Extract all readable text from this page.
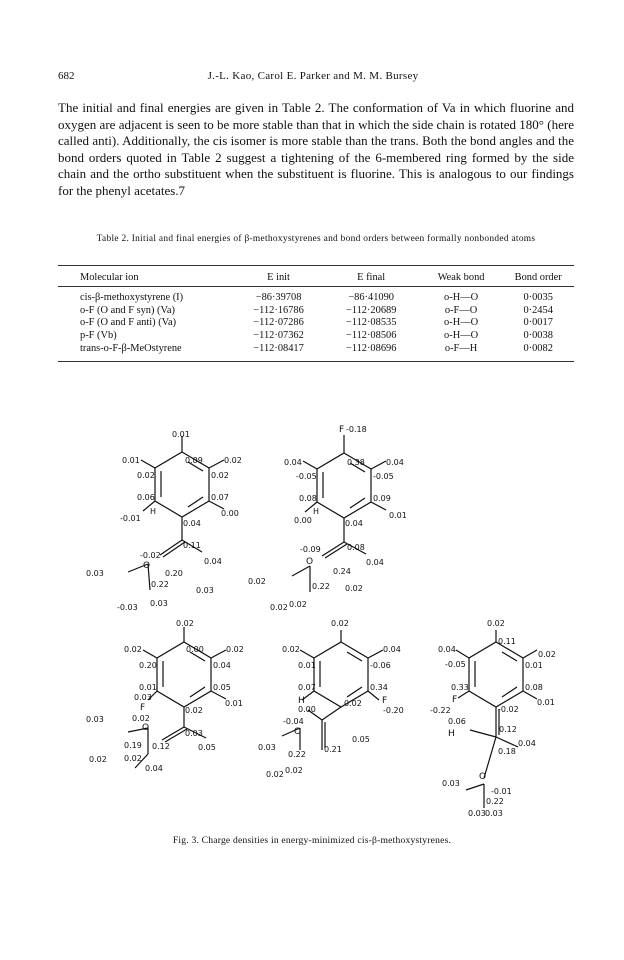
682	J.-L. Kao, Carol E. Parker and M. M. Bursey

The initial and final energies are given in Table 2. The conformation of Va in which fluorine and oxygen are adjacent is seen to be more stable than that in which the side chain is rotated 180° (here called anti). Additionally, the cis isomer is more stable than the trans. Both the bond angles and the bond orders quoted in Table 2 suggest a tightening of the 6-membered ring formed by the side chain and the ortho substituent when the substituent is fluorine. This is analogous to our findings for the phenyl acetates.7

Table 2. Initial and final energies of β-methoxystyrenes and bond orders between formally nonbonded atoms
Molecular ion	E init	E final	Weak bond	Bond order
cis-β-methoxystyrene (I)	−86·39708	−86·41090	o-H—O	0·0035
o-F (O and F syn) (Va)	−112·16786	−112·20689	o-F—O	0·2454
o-F (O and F anti) (Va)	−112·07286	−112·08535	o-H—O	0·0017
p-F (Vb)	−112·07362	−112·08506	o-H—O	0·0038
trans-o-F-β-MeOstyrene	−112·08417	−112·08696	o-F—H	0·0082

0.01
0.09
0.01	0.02
0.02	0.02
0.06	0.07
H
-0.01
0.04
0.00
0.11
-0.02
0.20
0.04
O
0.03
0.22
0.03
-0.03 0.03
F -0.18
0.38
0.04	0.04
-0.05	-0.05
0.08	0.09
H
0.00	0.04
0.01
0.08
-0.09
O
0.24
0.04
0.02
0.22 0.02
0.02 0.02
0.02
0.00
0.02	0.02
0.20	0.04
0.01	0.05
0.03
F	0.02
0.01
0.03
0.02
O
0.03
0.19 0.12	0.05
0.02 0.02
0.04
0.02
0.02	0.04
0.01	-0.06
0.07	0.34
H
0.00
0.02 F
-0.20
-0.04
O
0.05
0.03	0.21
0.22
0.02 0.02
0.02
0.11
0.04
0.02
-0.05	0.01
0.33	0.08
F
-0.22	-0.02
0.01
0.06
0.12
H
0.04
0.18
0.03
O
-0.01
0.22
0.03 0.03
Fig. 3. Charge densities in energy-minimized cis-β-methoxystyrenes.
